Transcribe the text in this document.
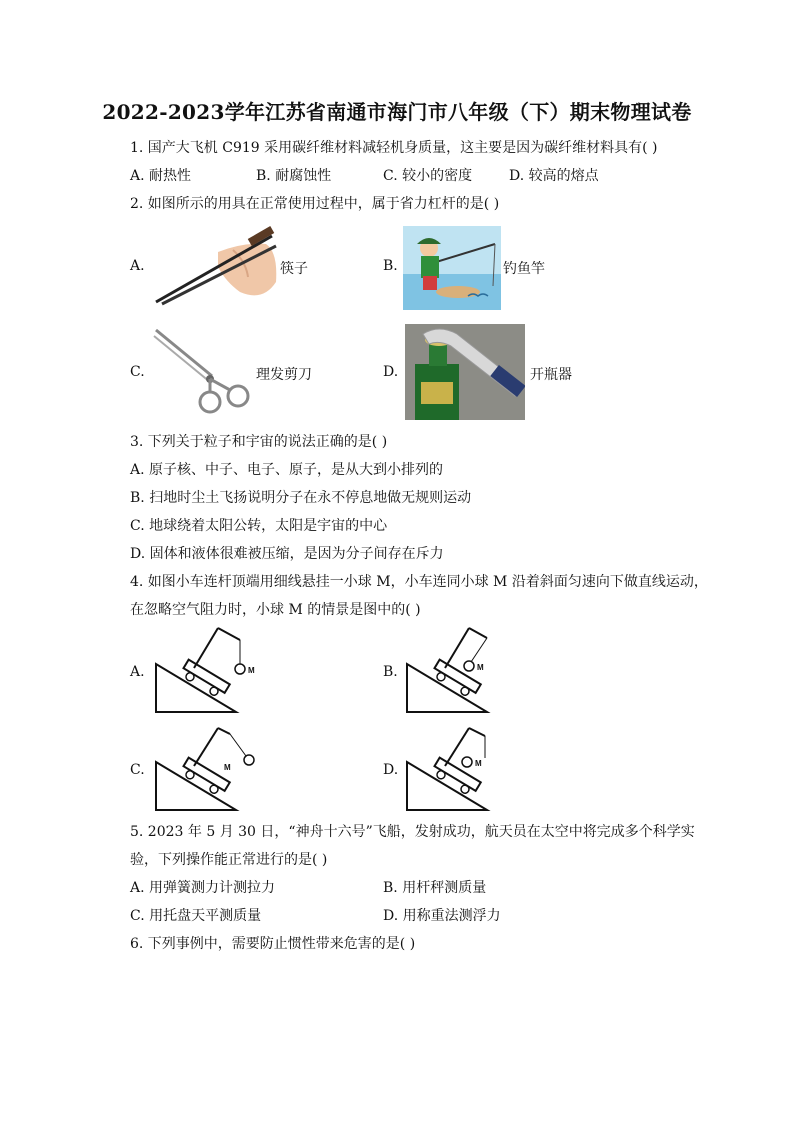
2022-2023学年江苏省南通市海门市八年级（下）期末物理试卷
1. 国产大飞机 C919 采用碳纤维材料减轻机身质量，这主要是因为碳纤维材料具有( )
A. 耐热性	B. 耐腐蚀性	C. 较小的密度	D. 较高的熔点
2. 如图所示的用具在正常使用过程中，属于省力杠杆的是( )
A.	筷子	B.	钓鱼竿
C.	理发剪刀	D.	开瓶器
3. 下列关于粒子和宇宙的说法正确的是( )
A. 原子核、中子、电子、原子，是从大到小排列的
B. 扫地时尘土飞扬说明分子在永不停息地做无规则运动
C. 地球绕着太阳公转，太阳是宇宙的中心
D. 固体和液体很难被压缩，是因为分子间存在斥力
4. 如图小车连杆顶端用细线悬挂一小球 M，小车连同小球 M 沿着斜面匀速向下做直线运动，
在忽略空气阻力时，小球 M 的情景是图中的( )
A.	M	B.	M
C.	M	D.	M
5. 2023 年 5 月 30 日，“神舟十六号”飞船，发射成功，航天员在太空中将完成多个科学实
验，下列操作能正常进行的是( )
A. 用弹簧测力计测拉力	B. 用杆秤测质量
C. 用托盘天平测质量	D. 用称重法测浮力
6. 下列事例中，需要防止惯性带来危害的是( )
